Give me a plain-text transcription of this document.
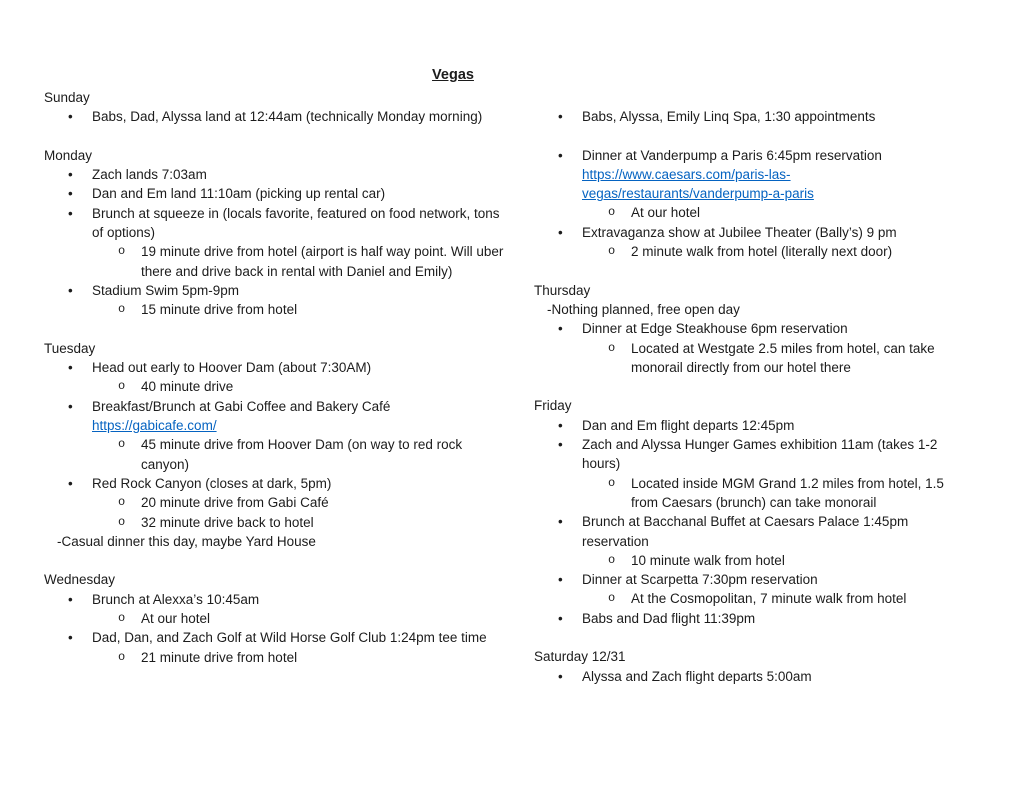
Vegas
Sunday
• Babs, Dad, Alyssa land at 12:44am (technically Monday morning)
Monday
• Zach lands 7:03am
• Dan and Em land 11:10am (picking up rental car)
• Brunch at squeeze in (locals favorite, featured on food network, tons of options)
o 19 minute drive from hotel (airport is half way point. Will uber there and drive back in rental with Daniel and Emily)
• Stadium Swim 5pm-9pm
o 15 minute drive from hotel
Tuesday
• Head out early to Hoover Dam (about 7:30AM)
o 40 minute drive
• Breakfast/Brunch at Gabi Coffee and Bakery Café https://gabicafe.com/
o 45 minute drive from Hoover Dam (on way to red rock canyon)
• Red Rock Canyon (closes at dark, 5pm)
o 20 minute drive from Gabi Café
o 32 minute drive back to hotel
-Casual dinner this day, maybe Yard House
Wednesday
• Brunch at Alexxa’s 10:45am
o At our hotel
• Dad, Dan, and Zach Golf at Wild Horse Golf Club 1:24pm tee time
o 21 minute drive from hotel
• Babs, Alyssa, Emily Linq Spa, 1:30 appointments
• Dinner at Vanderpump a Paris 6:45pm reservation https://www.caesars.com/paris-las-vegas/restaurants/vanderpump-a-paris
o At our hotel
• Extravaganza show at Jubilee Theater (Bally’s) 9 pm
o 2 minute walk from hotel (literally next door)
Thursday
-Nothing planned, free open day
• Dinner at Edge Steakhouse 6pm reservation
o Located at Westgate 2.5 miles from hotel, can take monorail directly from our hotel there
Friday
• Dan and Em flight departs 12:45pm
• Zach and Alyssa Hunger Games exhibition 11am (takes 1-2 hours)
o Located inside MGM Grand 1.2 miles from hotel, 1.5 from Caesars (brunch) can take monorail
• Brunch at Bacchanal Buffet at Caesars Palace 1:45pm reservation
o 10 minute walk from hotel
• Dinner at Scarpetta 7:30pm reservation
o At the Cosmopolitan, 7 minute walk from hotel
• Babs and Dad flight 11:39pm
Saturday 12/31
• Alyssa and Zach flight departs 5:00am
